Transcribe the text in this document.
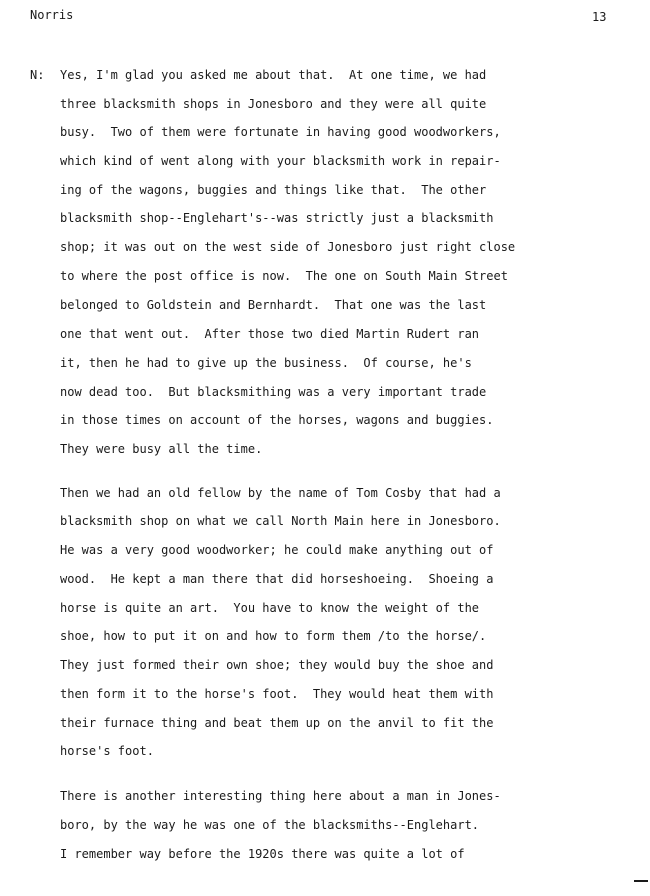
Norris	13
N: Yes, I'm glad you asked me about that.  At one time, we had
three blacksmith shops in Jonesboro and they were all quite
busy.  Two of them were fortunate in having good woodworkers,
which kind of went along with your blacksmith work in repair-
ing of the wagons, buggies and things like that.  The other
blacksmith shop--Englehart's--was strictly just a blacksmith
shop; it was out on the west side of Jonesboro just right close
to where the post office is now.  The one on South Main Street
belonged to Goldstein and Bernhardt.  That one was the last
one that went out.  After those two died Martin Rudert ran
it, then he had to give up the business.  Of course, he's
now dead too.  But blacksmithing was a very important trade
in those times on account of the horses, wagons and buggies.
They were busy all the time.
Then we had an old fellow by the name of Tom Cosby that had a
blacksmith shop on what we call North Main here in Jonesboro.
He was a very good woodworker; he could make anything out of
wood.  He kept a man there that did horseshoeing.  Shoeing a
horse is quite an art.  You have to know the weight of the
shoe, how to put it on and how to form them /to the horse/.
They just formed their own shoe; they would buy the shoe and
then form it to the horse's foot.  They would heat them with
their furnace thing and beat them up on the anvil to fit the
horse's foot.
There is another interesting thing here about a man in Jones-
boro, by the way he was one of the blacksmiths--Englehart.
I remember way before the 1920s there was quite a lot of
